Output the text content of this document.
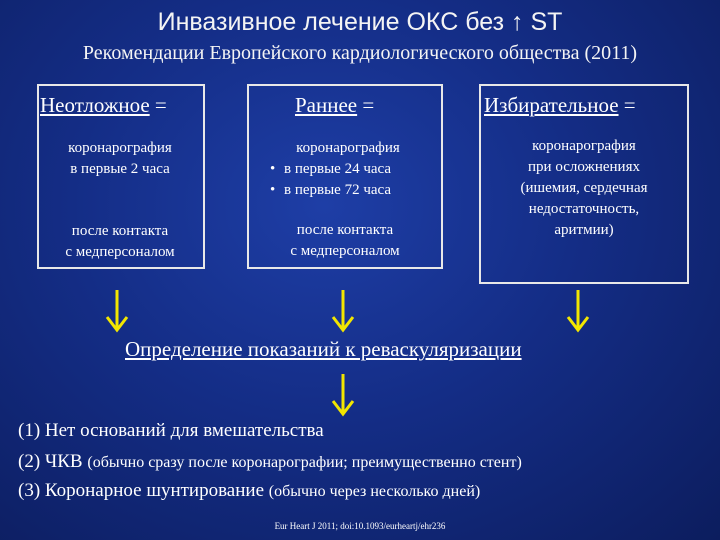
Инвазивное лечение ОКС без ↑ ST
Рекомендации Европейского кардиологического общества (2011)
Неотложное =
коронарография
в первые 2 часа
после контакта
с медперсоналом
Раннее =
коронарография
• в первые 24 часа
• в первые 72 часа
после контакта
с медперсоналом
Избирательное =
коронарография
при осложнениях
(ишемия, сердечная
недостаточность,
аритмии)
Определение показаний к реваскуляризации
(1) Нет оснований для вмешательства
(2) ЧКВ (обычно сразу после коронарографии; преимущественно стент)
(3) Коронарное шунтирование (обычно через несколько дней)
Eur Heart J 2011; doi:10.1093/eurheartj/ehr236
